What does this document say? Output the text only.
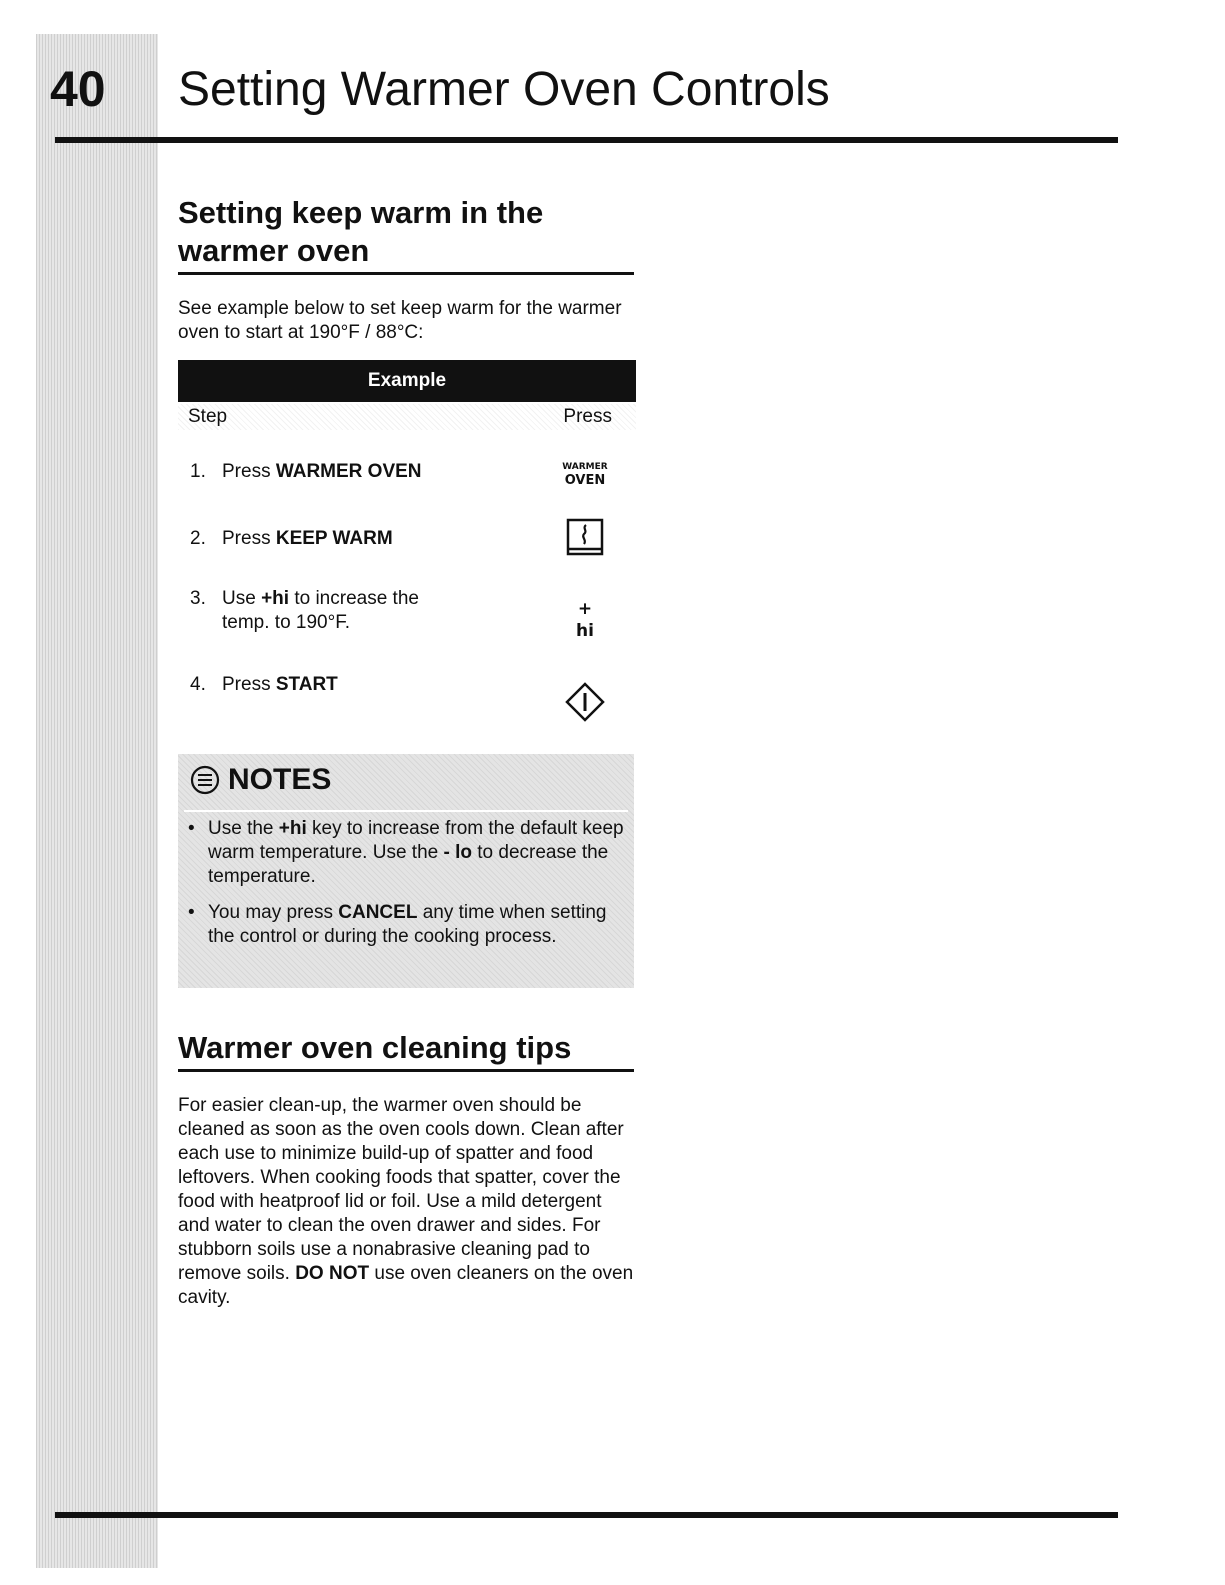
40 Setting Warmer Oven Controls
Setting keep warm in the warmer oven

See example below to set keep warm for the warmer oven to start at 190°F / 88°C:

Example
Step	Press
1. Press WARMER OVEN	WARMER
OVEN
2. Press KEEP WARM
3. Use +hi to increase the
temp. to 190°F.
+
hi
4. Press START
NOTES
• Use the +hi key to increase from the default keep warm temperature. Use the - lo to decrease the temperature.
• You may press CANCEL any time when setting the control or during the cooking process.
Warmer oven cleaning tips

For easier clean-up, the warmer oven should be cleaned as soon as the oven cools down. Clean after each use to minimize build-up of spatter and food leftovers. When cooking foods that spatter, cover the food with heatproof lid or foil. Use a mild detergent and water to clean the oven drawer and sides. For stubborn soils use a nonabrasive cleaning pad to remove soils. DO NOT use oven cleaners on the oven cavity.
